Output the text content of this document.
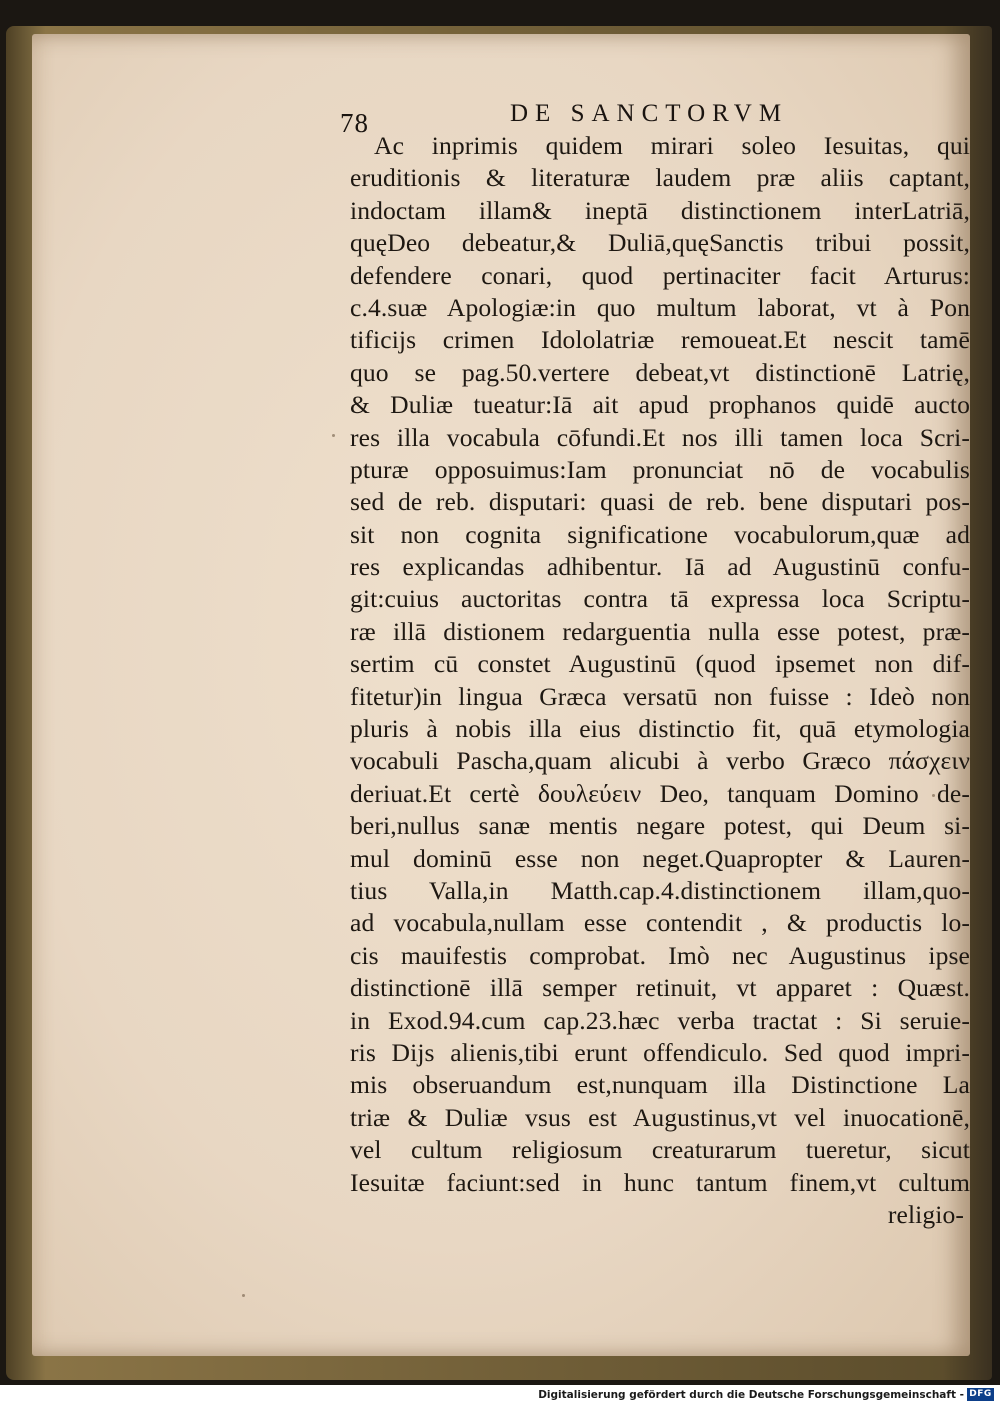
78	DE SANCTORVM
Ac inprimis quidem mirari soleo Iesuitas, qui
eruditionis & literaturæ laudem præ aliis captant,
indoctam illam& ineptā distinctionem interLatriā,
quęDeo debeatur,& Duliā,quęSanctis tribui possit,
defendere conari, quod pertinaciter facit Arturus:
c.4.suæ Apologiæ:in quo multum laborat, vt à Pon
tificijs crimen Idololatriæ remoueat.Et nescit tamē
quo se pag.50.vertere debeat,vt distinctionē Latrię,
& Duliæ tueatur:Iā ait apud prophanos quidē aucto
res illa vocabula cōfundi.Et nos illi tamen loca Scri-
pturæ opposuimus:Iam pronunciat nō de vocabulis
sed de reb. disputari: quasi de reb. bene disputari pos-
sit non cognita significatione vocabulorum,quæ ad
res explicandas adhibentur. Iā ad Augustinū confu-
git:cuius auctoritas contra tā expressa loca Scriptu-
ræ illā distionem redarguentia nulla esse potest, præ-
sertim cū constet Augustinū (quod ipsemet non dif-
fitetur)in lingua Græca versatū non fuisse : Ideò non
pluris à nobis illa eius distinctio fit, quā etymologia
vocabuli Pascha,quam alicubi à verbo Græco πάσχειν
deriuat.Et certè δουλεύειν Deo, tanquam Domino de-
beri,nullus sanæ mentis negare potest, qui Deum si-
mul dominū esse non neget.Quapropter & Lauren-
tius Valla,in Matth.cap.4.distinctionem illam,quo-
ad vocabula,nullam esse contendit , & productis lo-
cis mauifestis comprobat. Imò nec Augustinus ipse
distinctionē illā semper retinuit, vt apparet : Quæst.
in Exod.94.cum cap.23.hæc verba tractat : Si seruie-
ris Dijs alienis,tibi erunt offendiculo. Sed quod impri-
mis obseruandum est,nunquam illa Distinctione La
triæ & Duliæ vsus est Augustinus,vt vel inuocationē,
vel cultum religiosum creaturarum tueretur, sicut
Iesuitæ faciunt:sed in hunc tantum finem,vt cultum
religio-
Digitalisierung gefördert durch die Deutsche Forschungsgemeinschaft - DFG
